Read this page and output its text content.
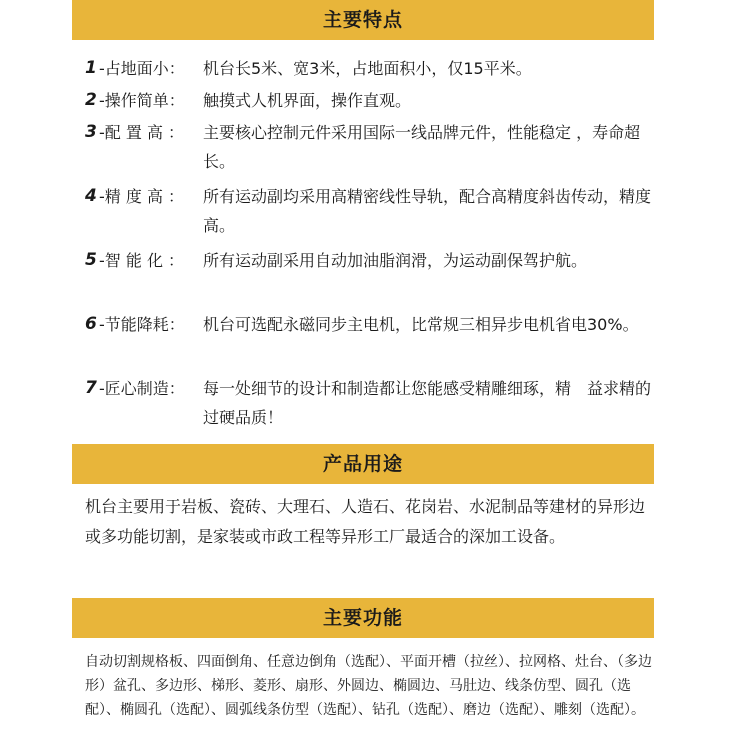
主要特点
1 -占地面小：	机台长5米、宽3米，占地面积小，仅15平米。
2 -操作简单：	触摸式人机界面，操作直观。
3 -配 置 高 ：	主要核心控制元件采用国际一线品牌元件，性能稳定 ，寿命超长。
4 -精 度 高 ：	所有运动副均采用高精密线性导轨，配合高精度斜齿传动，精度高。
5 -智 能 化 ：	所有运动副采用自动加油脂润滑，为运动副保驾护航。
6 -节能降耗：	机台可选配永磁同步主电机，比常规三相异步电机省电30%。
7 -匠心制造：	每一处细节的设计和制造都让您能感受精雕细琢，精　益求精的过硬品质！
产品用途
机台主要用于岩板、瓷砖、大理石、人造石、花岗岩、水泥制品等建材的异形边或多功能切割，是家装或市政工程等异形工厂最适合的深加工设备。
主要功能
自动切割规格板、四面倒角、任意边倒角（选配）、平面开槽（拉丝）、拉网格、灶台、（多边形）盆孔、多边形、梯形、菱形、扇形、外圆边、椭圆边、马肚边、线条仿型、圆孔（选配）、椭圆孔（选配）、圆弧线条仿型（选配）、钻孔（选配）、磨边（选配）、雕刻（选配）。
